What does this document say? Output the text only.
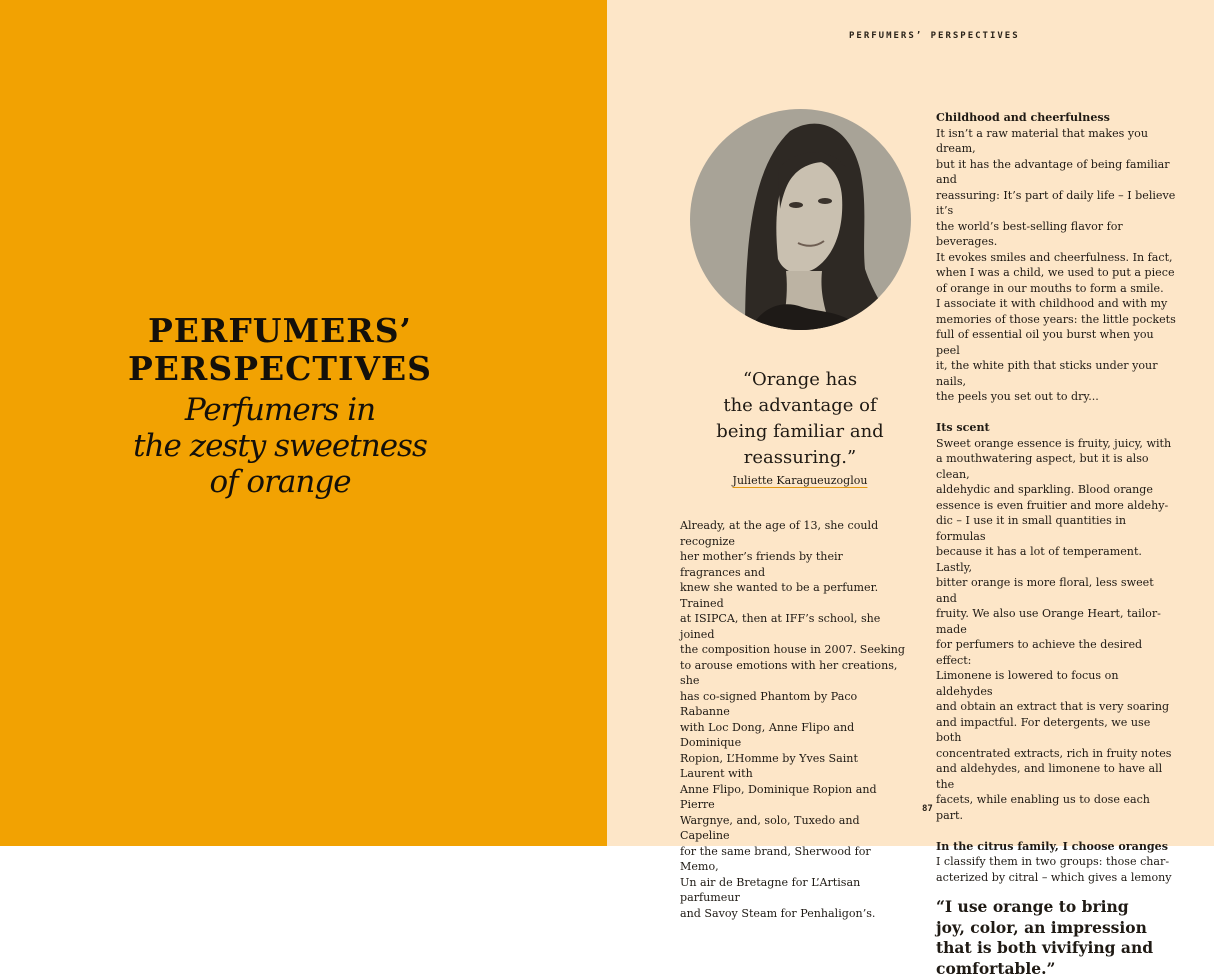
PERFUMERS’
PERSPECTIVES
Perfumers in
the zesty sweetness
of orange
PERFUMERS’ PERSPECTIVES
“Orange has
the advantage of
being familiar and
reassuring.”
Juliette Karagueuzoglou

Already, at the age of 13, she could recognize

her mother’s friends by their fragrances and

knew she wanted to be a perfumer. Trained

at ISIPCA, then at IFF’s school, she joined

the composition house in 2007. Seeking

to arouse emotions with her creations, she

has co-signed Phantom by Paco Rabanne

with Loc Dong, Anne Flipo and Dominique

Ropion, L’Homme by Yves Saint Laurent with

Anne Flipo, Dominique Ropion and Pierre

Wargnye, and, solo, Tuxedo and Capeline

for the same brand, Sherwood for Memo,

Un air de Bretagne for L’Artisan parfumeur

and Savoy Steam for Penhaligon’s.

Childhood and cheerfulness

It isn’t a raw material that makes you dream,

but it has the advantage of being familiar and

reassuring: It’s part of daily life – I believe it’s

the world’s best-selling flavor for beverages.

It evokes smiles and cheerfulness. In fact,

when I was a child, we used to put a piece

of orange in our mouths to form a smile.

I associate it with childhood and with my

memories of those years: the little pockets

full of essential oil you burst when you peel

it, the white pith that sticks under your nails,

the peels you set out to dry...

Its scent

Sweet orange essence is fruity, juicy, with

a mouthwatering aspect, but it is also clean,

aldehydic and sparkling. Blood orange

essence is even fruitier and more aldehy-

dic – I use it in small quantities in formulas

because it has a lot of temperament. Lastly,

bitter orange is more floral, less sweet and

fruity. We also use Orange Heart, tailor-made

for perfumers to achieve the desired effect:

Limonene is lowered to focus on aldehydes

and obtain an extract that is very soaring

and impactful. For detergents, we use both

concentrated extracts, rich in fruity notes

and aldehydes, and limonene to have all the

facets, while enabling us to dose each part.

In the citrus family, I choose oranges

I classify them in two groups: those char-

acterized by citral – which gives a lemony

“I use orange to bring
joy, color, an impression
that is both vivifying and
comfortable.”
87
